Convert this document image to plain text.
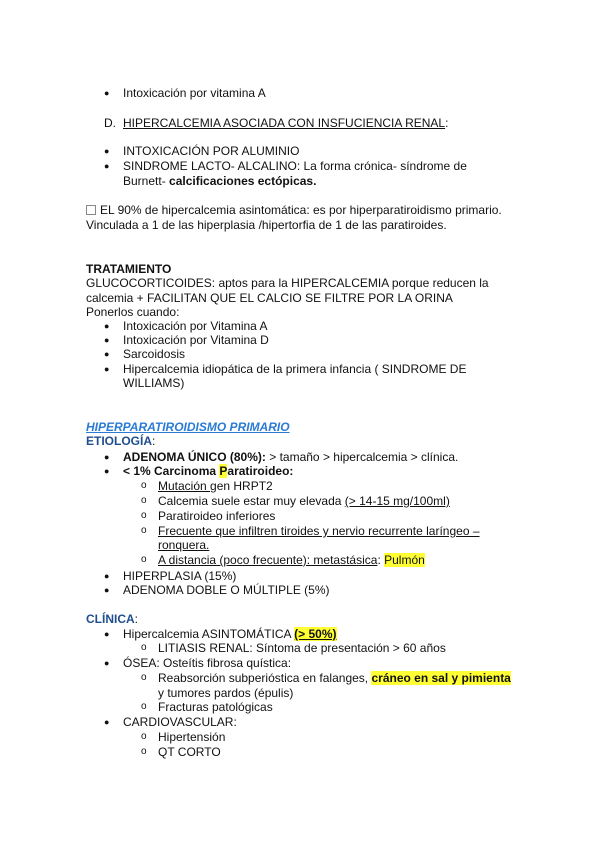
● Intoxicación por vitamina A
D. HIPERCALCEMIA ASOCIADA CON INSFUCIENCIA RENAL:
● INTOXICACIÓN POR ALUMINIO
● SINDROME LACTO- ALCALINO: La forma crónica- síndrome de
Burnett- calcificaciones ectópicas.
EL 90% de hipercalcemia asintomática: es por hiperparatiroidismo primario.
Vinculada a 1 de las hiperplasia /hipertorfia de 1 de las paratiroides.
TRATAMIENTO
GLUCOCORTICOIDES: aptos para la HIPERCALCEMIA porque reducen la
calcemia + FACILITAN QUE EL CALCIO SE FILTRE POR LA ORINA
Ponerlos cuando:
● Intoxicación por Vitamina A
● Intoxicación por Vitamina D
● Sarcoidosis
● Hipercalcemia idiopática de la primera infancia ( SINDROME DE
WILLIAMS)
HIPERPARATIROIDISMO PRIMARIO
ETIOLOGÍA:
● ADENOMA ÚNICO (80%): > tamaño > hipercalcemia > clínica.
● < 1% Carcinoma Paratiroideo:
o Mutación gen HRPT2
o Calcemia suele estar muy elevada (> 14-15 mg/100ml)
o Paratiroideo inferiores
o Frecuente que infiltren tiroides y nervio recurrente laríngeo –
ronquera.
o A distancia (poco frecuente): metastásica: Pulmón
● HIPERPLASIA (15%)
● ADENOMA DOBLE O MÚLTIPLE (5%)
CLÍNICA:
● Hipercalcemia ASINTOMÁTICA (> 50%)
o LITIASIS RENAL: Síntoma de presentación > 60 años
● ÓSEA: Osteítis fibrosa quística:
o Reabsorción subperióstica en falanges, cráneo en sal y pimienta
y tumores pardos (épulis)
o Fracturas patológicas
● CARDIOVASCULAR:
o Hipertensión
o QT CORTO
